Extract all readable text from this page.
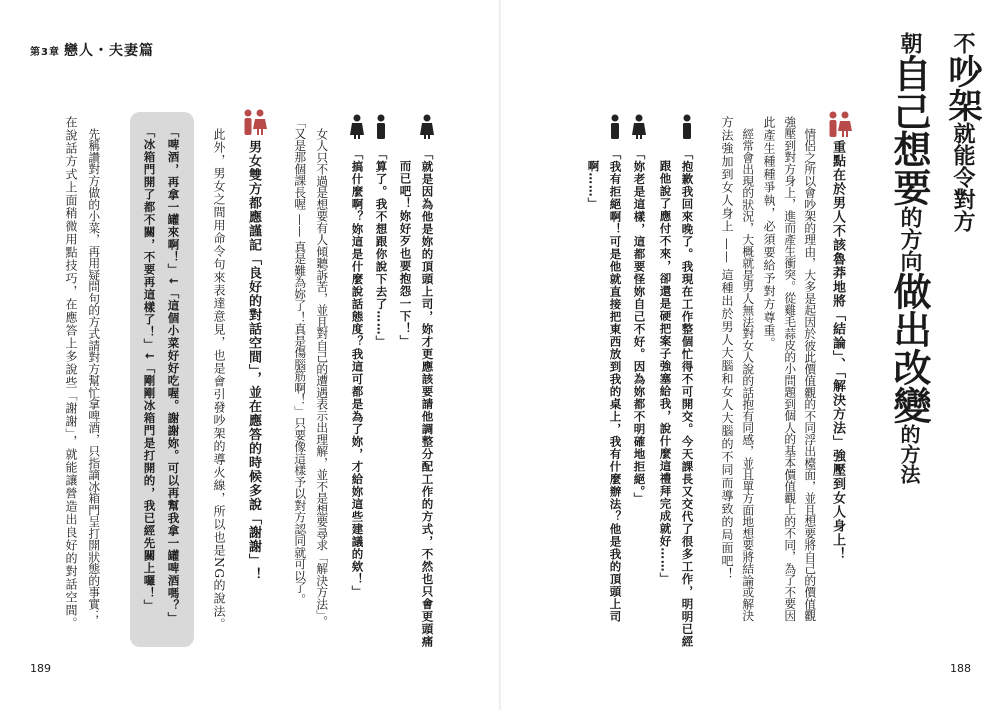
第3章 戀人・夫妻篇	不吵架就能令對方
朝自己想要的方向做出改變的方法
重點在於男人不該魯莽地將「結論」、「解決方法」強壓到女人身上！
情侶之所以會吵架的理由，大多是起因於彼此價值觀的不同浮出檯面，並且想要將自己的價值觀
強壓到對方身上，進而產生衝突。從雞毛蒜皮的小問題到個人的基本價值觀上的不同，為了不要因
此產生種種爭執，必須要給予對方尊重。
經常會出現的狀況，大概就是男人無法對女人說的話抱有同感，並且單方面地想要將結論或解決
方法強加到女人身上 —— 這種出於男人大腦和女人大腦的不同而導致的局面吧！
「抱歉我回來晚了。我現在工作整個忙得不可開交。今天課長又交代了很多工作，明明已經
跟他說了應付不來，卻還是硬把案子強塞給我，說什麼這禮拜完成就好……」
「妳老是這樣，這都要怪妳自己不好。因為妳都不明確地拒絕。」
「我有拒絕啊！可是他就直接把東西放到我的桌上，我有什麼辦法？他是我的頂頭上司
啊……」
188
「就是因為他是妳的頂頭上司，妳才更應該要請他調整分配工作的方式，不然也只會更頭痛
而已吧！妳好歹也要抱怨一下！」
「算了。我不想跟你說下去了……」
「搞什麼啊？妳這是什麼說話態度？我這可都是為了妳，才給妳這些建議的欸！」
女人只不過是想要有人傾聽訴苦，並且對自己的遭遇表示出理解，並不是想要尋求「解決方法」。
「又是那個課長喔 —— 真是難為妳了！真是傷腦筋啊！」只要像這樣予以對方認同就可以了。
男女雙方都應謹記「良好的對話空間」，並在應答的時候多說「謝謝」！
此外，男女之間用命令句來表達意見，也是會引發吵架的導火線，所以也是NG的說法。
「啤酒，再拿一罐來啊！」↓「這個小菜好好吃喔。謝謝妳。可以再幫我拿一罐啤酒嗎？」
「冰箱門開了都不關，不要再這樣了！」↓「剛剛冰箱門是打開的，我已經先關上囉！」
先稱讚對方做的小菜，再用疑問句的方式請對方幫忙拿啤酒，只指謫冰箱門呈打開狀態的事實；
在說話方式上面稍微用點技巧，在應答上多說些「謝謝」，就能讓營造出良好的對話空間。
189
